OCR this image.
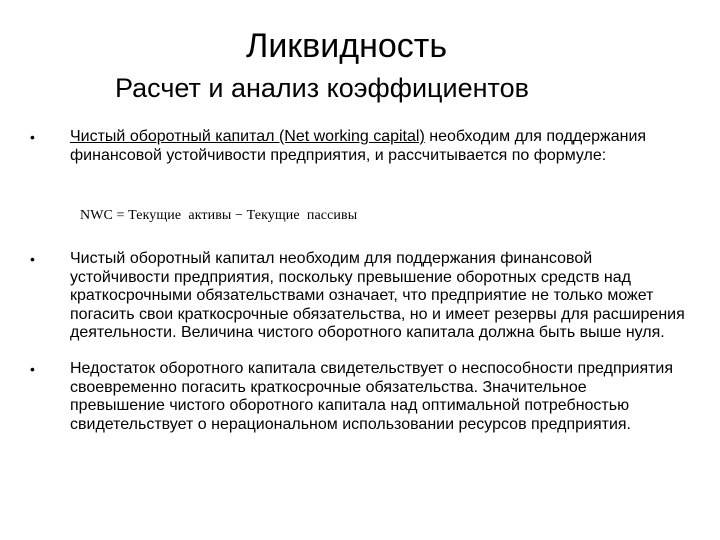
Ликвидность
Расчет и анализ коэффициентов
• Чистый оборотный капитал (Net working capital) необходим для поддержания финансовой устойчивости предприятия, и рассчитывается по формуле:
NWC = Текущие  активы − Текущие  пассивы
• Чистый оборотный капитал необходим для поддержания финансовой устойчивости предприятия, поскольку превышение оборотных средств над краткосрочными обязательствами означает, что предприятие не только может погасить свои краткосрочные обязательства, но и имеет резервы для расширения деятельности. Величина чистого оборотного капитала должна быть выше нуля.
• Недостаток оборотного капитала свидетельствует о неспособности предприятия своевременно погасить краткосрочные обязательства. Значительное превышение чистого оборотного капитала над оптимальной потребностью свидетельствует о нерациональном использовании ресурсов предприятия.
